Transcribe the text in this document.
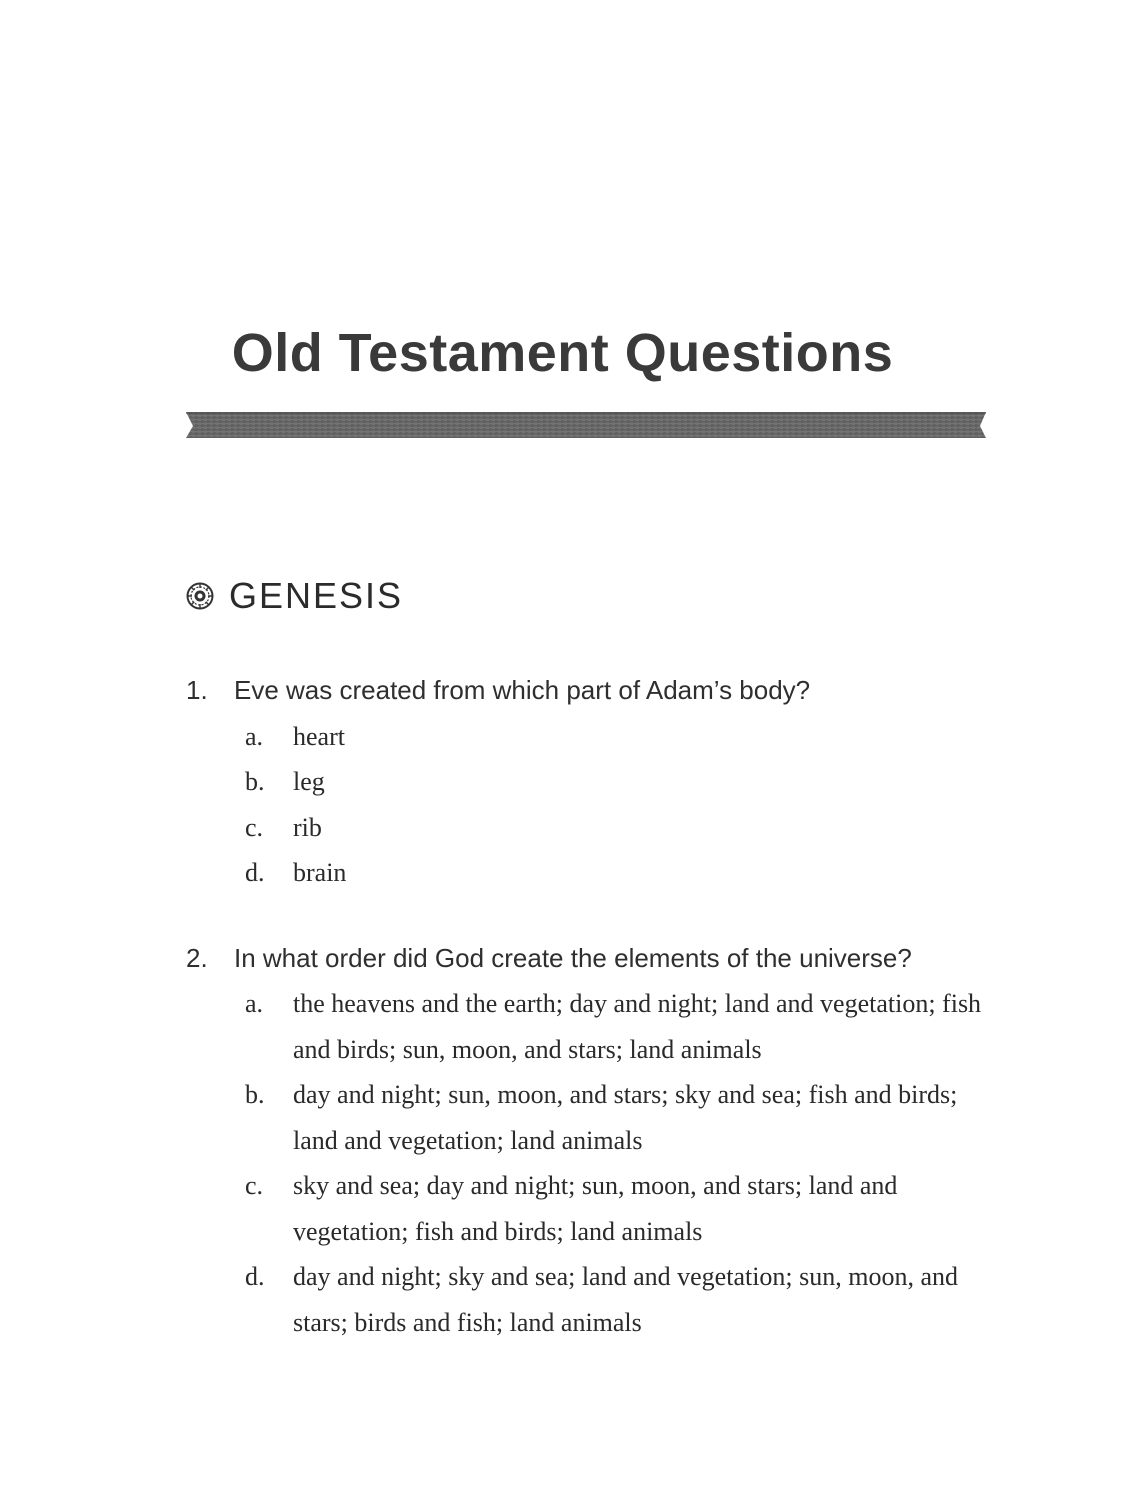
Old Testament Questions
GENESIS
1.	Eve was created from which part of Adam’s body?
a.	heart
b.	leg
c.	rib
d.	brain
2.	In what order did God create the elements of the universe?
a.	the heavens and the earth; day and night; land and vegetation; fish and birds; sun, moon, and stars; land animals
b.	day and night; sun, moon, and stars; sky and sea; fish and birds; land and vegetation; land animals
c.	sky and sea; day and night; sun, moon, and stars; land and vegetation; fish and birds; land animals
d.	day and night; sky and sea; land and vegetation; sun, moon, and stars; birds and fish; land animals
